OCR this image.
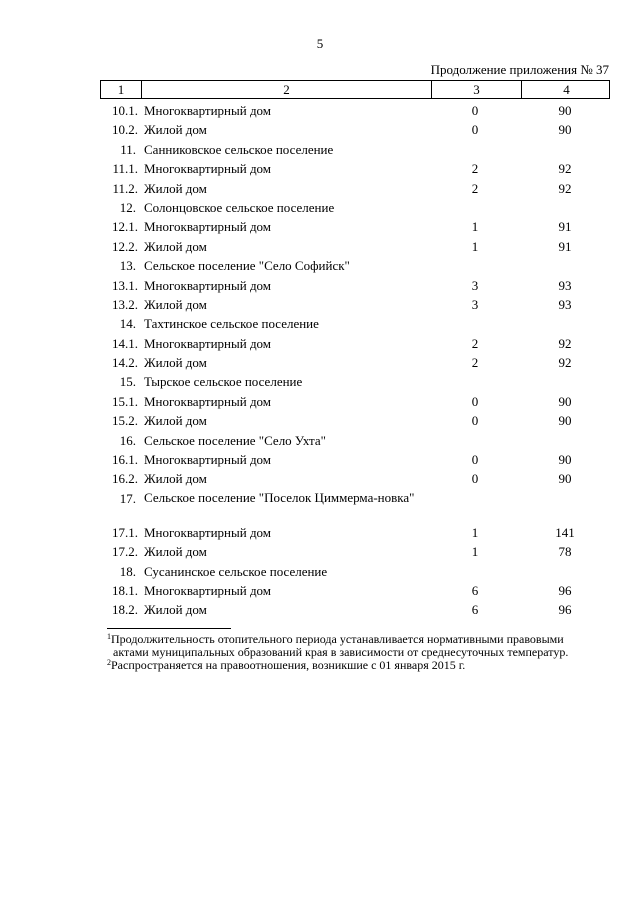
5
Продолжение приложения № 37
1	2	3	4
10.1. Многоквартирный дом	0	90
10.2. Жилой дом	0	90
11. Санниковское сельское поселение
11.1. Многоквартирный дом	2	92
11.2. Жилой дом	2	92
12. Солонцовское сельское поселение
12.1. Многоквартирный дом	1	91
12.2. Жилой дом	1	91
13. Сельское поселение "Село Софийск"
13.1. Многоквартирный дом	3	93
13.2. Жилой дом	3	93
14. Тахтинское сельское поселение
14.1. Многоквартирный дом	2	92
14.2. Жилой дом	2	92
15. Тырское сельское поселение
15.1. Многоквартирный дом	0	90
15.2. Жилой дом	0	90
16. Сельское поселение "Село Ухта"
16.1. Многоквартирный дом	0	90
16.2. Жилой дом	0	90
17. Сельское поселение "Поселок Циммерма-новка"
17.1. Многоквартирный дом	1	141
17.2. Жилой дом	1	78
18. Сусанинское сельское поселение
18.1. Многоквартирный дом	6	96
18.2. Жилой дом	6	96
$^1$Продолжительность отопительного периода устанавливается нормативными правовыми
актами муниципальных образований края в зависимости от среднесуточных температур.
$^2$Распространяется на правоотношения, возникшие с 01 января 2015 г.
